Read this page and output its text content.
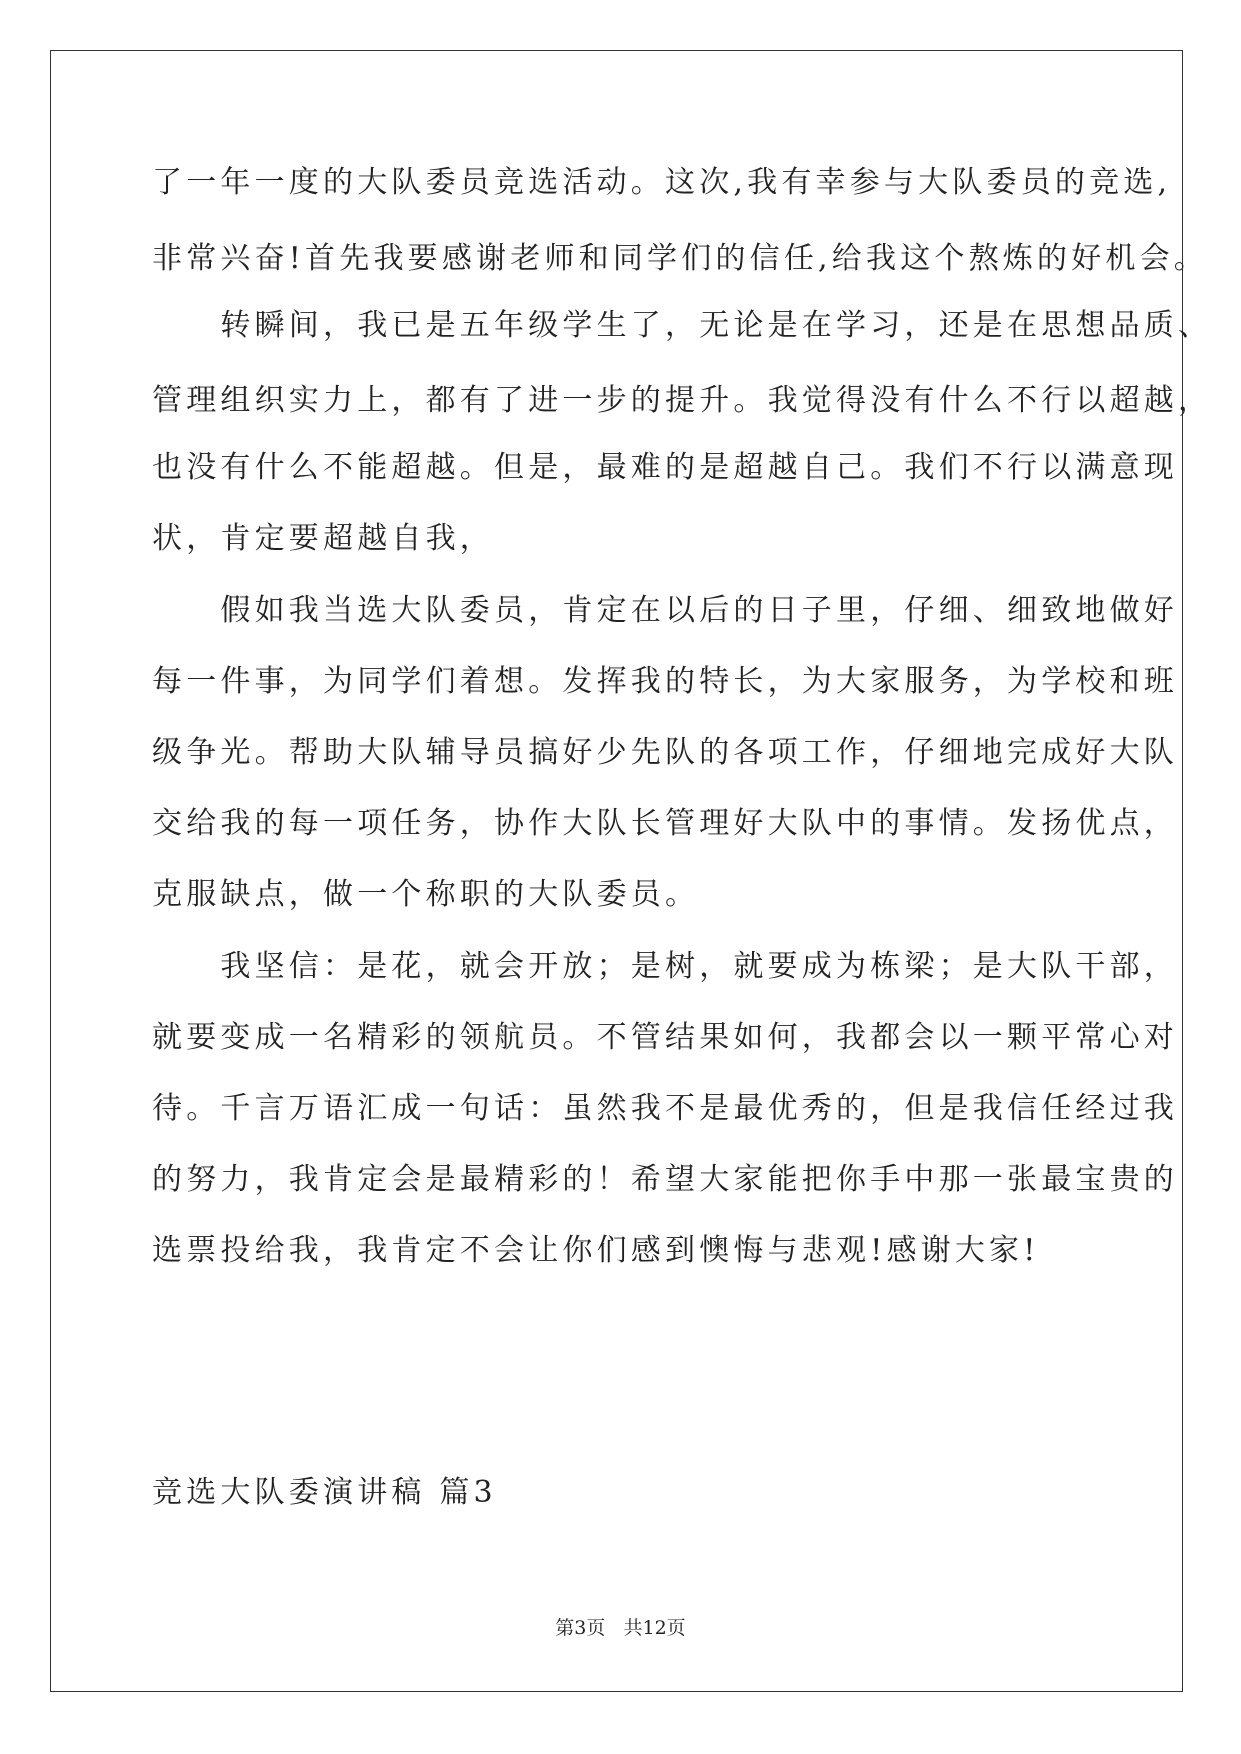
了一年一度的大队委员竞选活动。这次,我有幸参与大队委员的竞选,
非常兴奋!首先我要感谢老师和同学们的信任,给我这个熬炼的好机会。
　　转瞬间，我已是五年级学生了，无论是在学习，还是在思想品质、
管理组织实力上，都有了进一步的提升。我觉得没有什么不行以超越，
也没有什么不能超越。但是，最难的是超越自己。我们不行以满意现
状，肯定要超越自我，
　　假如我当选大队委员，肯定在以后的日子里，仔细、细致地做好
每一件事，为同学们着想。发挥我的特长，为大家服务，为学校和班
级争光。帮助大队辅导员搞好少先队的各项工作，仔细地完成好大队
交给我的每一项任务，协作大队长管理好大队中的事情。发扬优点，
克服缺点，做一个称职的大队委员。
　　我坚信：是花，就会开放；是树，就要成为栋梁；是大队干部，
就要变成一名精彩的领航员。不管结果如何，我都会以一颗平常心对
待。千言万语汇成一句话：虽然我不是最优秀的，但是我信任经过我
的努力，我肯定会是最精彩的！希望大家能把你手中那一张最宝贵的
选票投给我，我肯定不会让你们感到懊悔与悲观!感谢大家!
竞选大队委演讲稿 篇3
第3页   共12页
